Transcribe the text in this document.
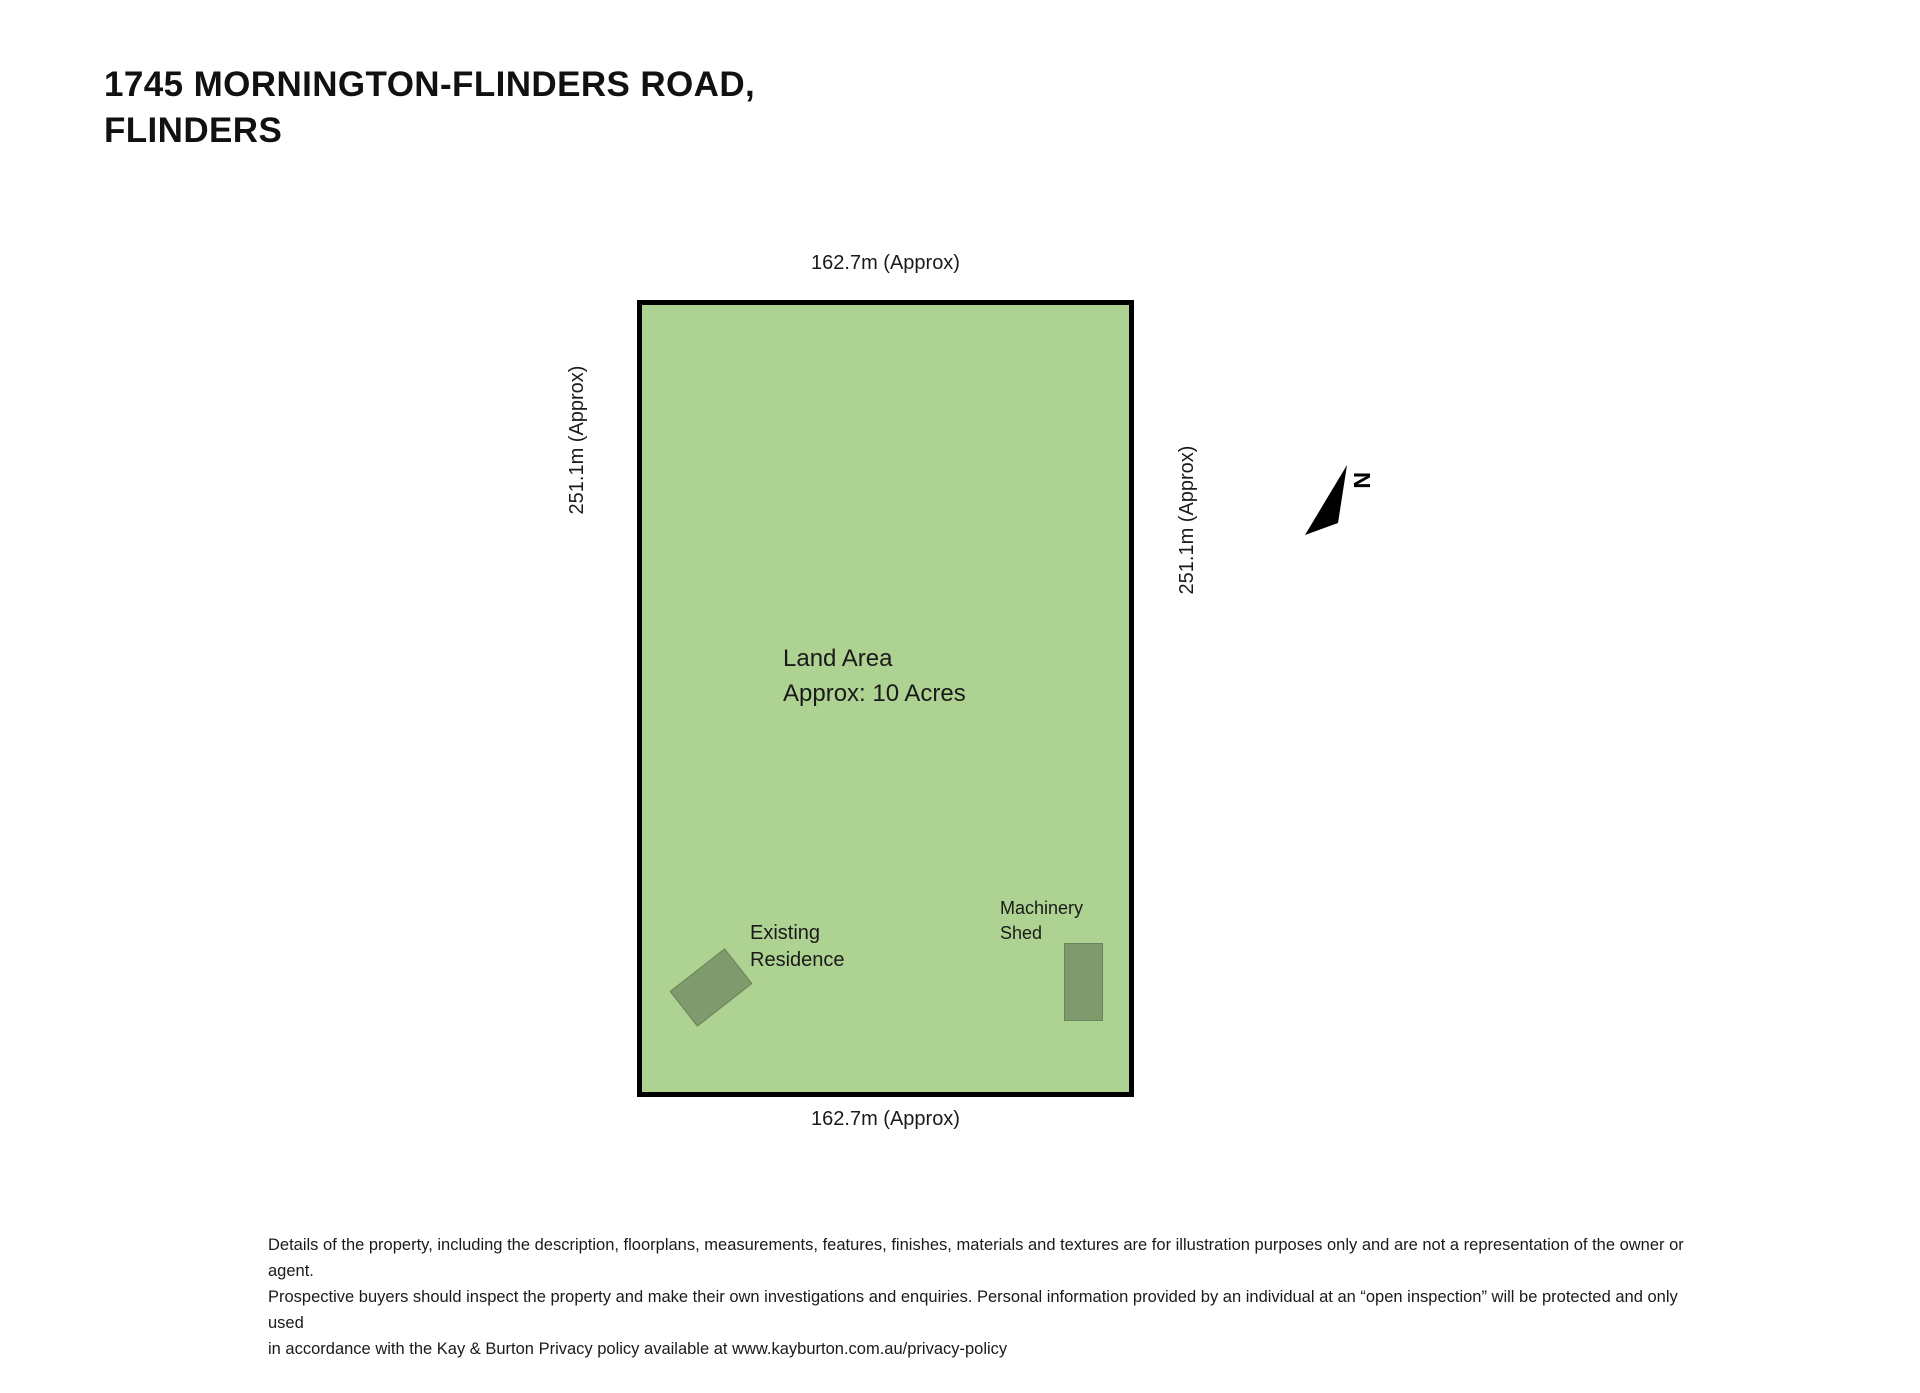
1745 MORNINGTON-FLINDERS ROAD,
FLINDERS
162.7m (Approx)
162.7m (Approx)
251.1m (Approx)
251.1m (Approx)
Land Area
Approx: 10 Acres
Existing
Residence
Machinery
Shed
N

Details of the property, including the description, floorplans, measurements, features, finishes, materials and textures are for illustration purposes only and are not a representation of the owner or agent.

Prospective buyers should inspect the property and make their own investigations and enquiries. Personal information provided by an individual at an “open inspection” will be protected and only used

in accordance with the Kay & Burton Privacy policy available at www.kayburton.com.au/privacy-policy
